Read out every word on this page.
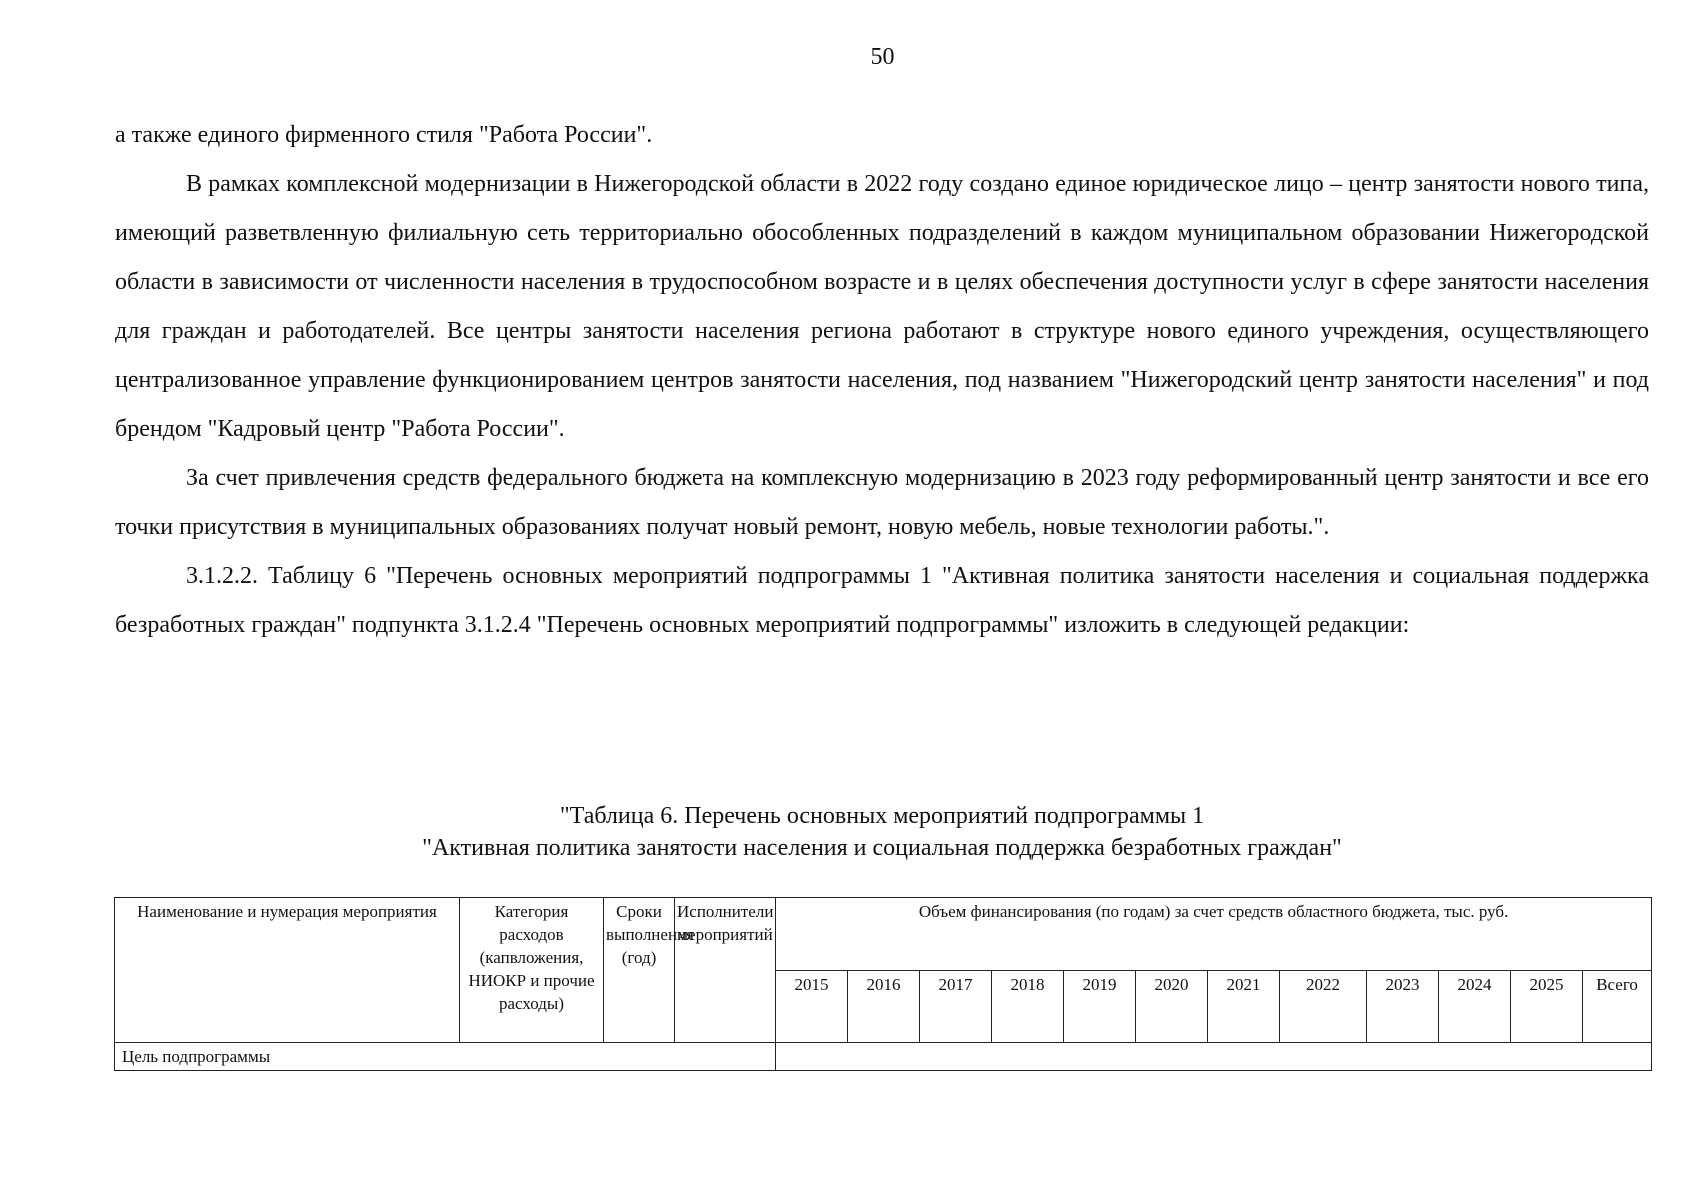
50

а также единого фирменного стиля "Работа России".

В рамках комплексной модернизации в Нижегородской области в 2022 году создано единое юридическое лицо – центр занятости нового типа, имеющий разветвленную филиальную сеть территориально обособленных подразделений в каждом муниципальном образовании Нижегородской области в зависимости от численности населения в трудоспособном возрасте и в целях обеспечения доступности услуг в сфере занятости населения для граждан и работодателей. Все центры занятости населения региона работают в структуре нового единого учреждения, осуществляющего централизованное управление функционированием центров занятости населения, под названием "Нижегородский центр занятости населения" и под брендом "Кадровый центр "Работа России".

За счет привлечения средств федерального бюджета на комплексную модернизацию в 2023 году реформированный центр занятости и все его точки присутствия в муниципальных образованиях получат новый ремонт, новую мебель, новые технологии работы.".

3.1.2.2. Таблицу 6 "Перечень основных мероприятий подпрограммы 1 "Активная политика занятости населения и социальная поддержка безработных граждан" подпункта 3.1.2.4 "Перечень основных мероприятий подпрограммы" изложить в следующей редакции:

"Таблица 6. Перечень основных мероприятий подпрограммы 1
"Активная политика занятости населения и социальная поддержка безработных граждан"
Наименование и нумерация мероприятия	Категория расходов (капвложения, НИОКР и прочие расходы)	Сроки выполнения (год)	Исполнители мероприятий	Объем финансирования (по годам) за счет средств областного бюджета, тыс. руб.											
				2015	2016	2017	2018	2019	2020	2021	2022	2023	2024	2025	Всего
Цель подпрограммы															
